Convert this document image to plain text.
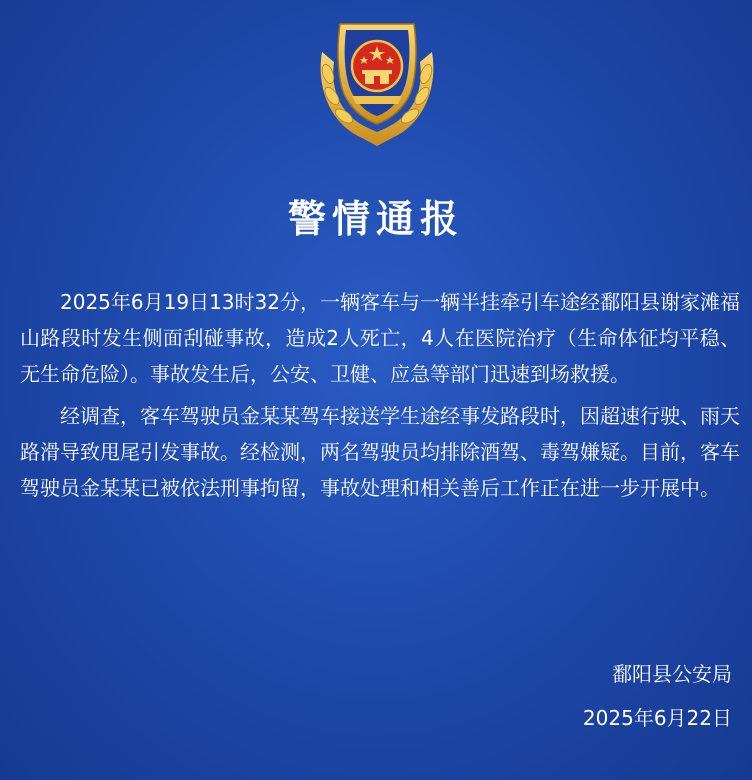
警情通报

2025年6月19日13时32分，一辆客车与一辆半挂牵引车途经鄱阳县谢家滩福山路段时发生侧面刮碰事故，造成2人死亡，4人在医院治疗（生命体征均平稳、无生命危险）。事故发生后，公安、卫健、应急等部门迅速到场救援。

经调查，客车驾驶员金某某驾车接送学生途经事发路段时，因超速行驶、雨天路滑导致甩尾引发事故。经检测，两名驾驶员均排除酒驾、毒驾嫌疑。目前，客车驾驶员金某某已被依法刑事拘留，事故处理和相关善后工作正在进一步开展中。

鄱阳县公安局
2025年6月22日
